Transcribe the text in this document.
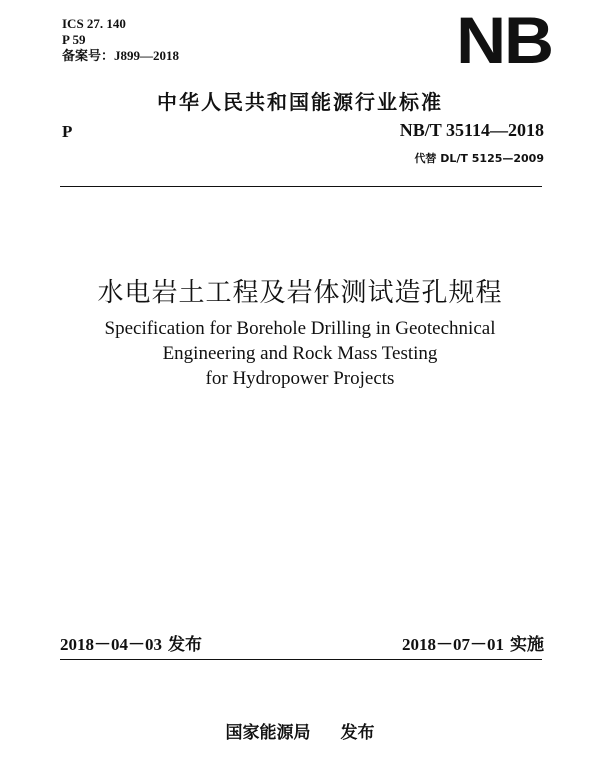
ICS 27. 140
P 59
备案号：J899—2018	NB
中华人民共和国能源行业标准
P	NB/T 35114—2018
代替 DL/T 5125—2009
水电岩土工程及岩体测试造孔规程
Specification for Borehole Drilling in Geotechnical
Engineering and Rock Mass Testing
for Hydropower Projects
2018－04－03 发布	2018－07－01 实施
国家能源局 发布
